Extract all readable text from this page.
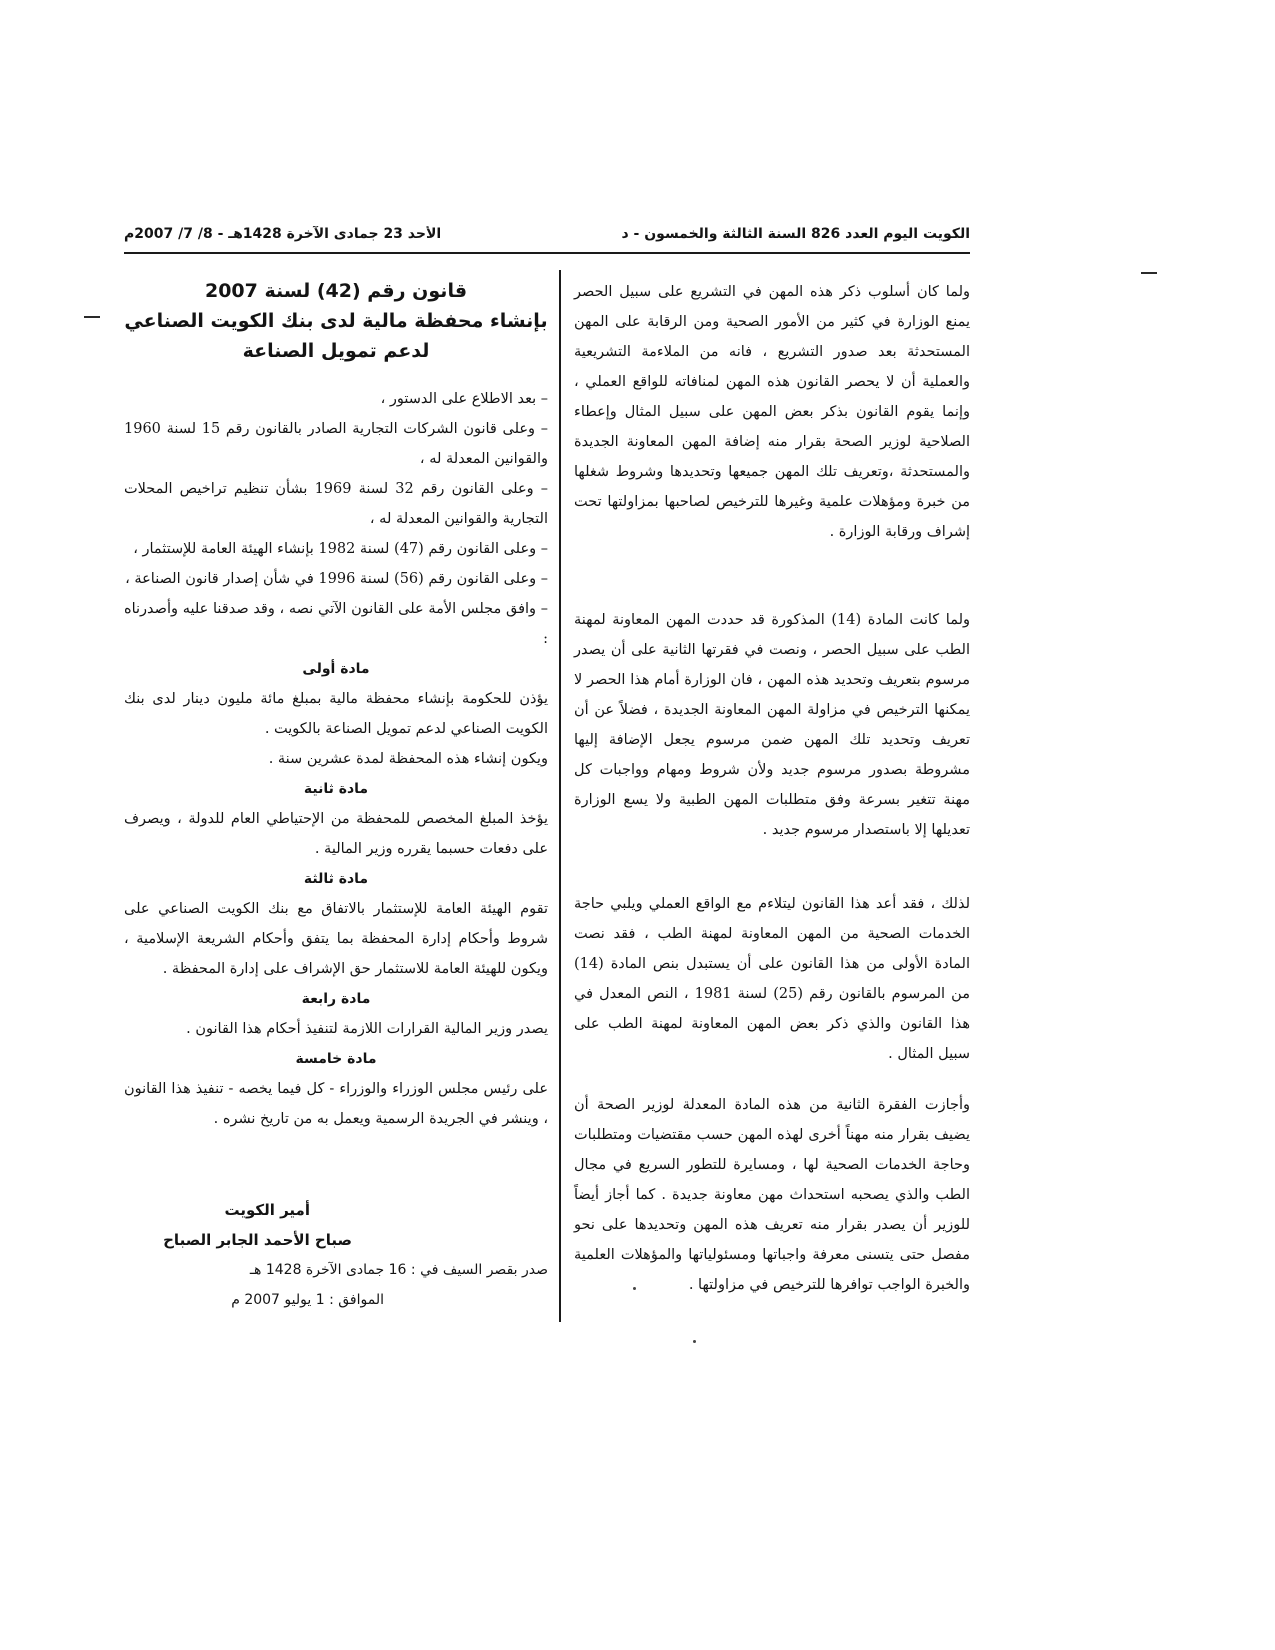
الكويت اليوم العدد 826 السنة الثالثة والخمسون - د
الأحد 23 جمادى الآخرة 1428هـ - 8/ 7/ 2007م

ولما كان أسلوب ذكر هذه المهن في التشريع على سبيل الحصر يمنع الوزارة في كثير من الأمور الصحية ومن الرقابة على المهن المستحدثة بعد صدور التشريع ، فانه من الملاءمة التشريعية والعملية أن لا يحصر القانون هذه المهن لمنافاته للواقع العملي ، وإنما يقوم القانون بذكر بعض المهن على سبيل المثال وإعطاء الصلاحية لوزير الصحة بقرار منه إضافة المهن المعاونة الجديدة والمستحدثة ،وتعريف تلك المهن جميعها وتحديدها وشروط شغلها من خبرة ومؤهلات علمية وغيرها للترخيص لصاحبها بمزاولتها تحت إشراف ورقابة الوزارة .

ولما كانت المادة (14) المذكورة قد حددت المهن المعاونة لمهنة الطب على سبيل الحصر ، ونصت في فقرتها الثانية على أن يصدر مرسوم بتعريف وتحديد هذه المهن ، فان الوزارة أمام هذا الحصر لا يمكنها الترخيص في مزاولة المهن المعاونة الجديدة ، فضلاً عن أن تعريف وتحديد تلك المهن ضمن مرسوم يجعل الإضافة إليها مشروطة بصدور مرسوم جديد ولأن شروط ومهام وواجبات كل مهنة تتغير بسرعة وفق متطلبات المهن الطبية ولا يسع الوزارة تعديلها إلا باستصدار مرسوم جديد .

لذلك ، فقد أعد هذا القانون ليتلاءم مع الواقع العملي ويلبي حاجة الخدمات الصحية من المهن المعاونة لمهنة الطب ، فقد نصت المادة الأولى من هذا القانون على أن يستبدل بنص المادة (14) من المرسوم بالقانون رقم (25) لسنة 1981 ، النص المعدل في هذا القانون والذي ذكر بعض المهن المعاونة لمهنة الطب على سبيل المثال .

وأجازت الفقرة الثانية من هذه المادة المعدلة لوزير الصحة أن يضيف بقرار منه مهناً أخرى لهذه المهن حسب مقتضيات ومتطلبات وحاجة الخدمات الصحية لها ، ومسايرة للتطور السريع في مجال الطب والذي يصحبه استحداث مهن معاونة جديدة . كما أجاز أيضاً للوزير أن يصدر بقرار منه تعريف هذه المهن وتحديدها على نحو مفصل حتى يتسنى معرفة واجباتها ومسئولياتها والمؤهلات العلمية والخبرة الواجب توافرها للترخيص في مزاولتها .

قانون رقم (42) لسنة 2007
بإنشاء محفظة مالية لدى بنك الكويت الصناعي
لدعم تمويل الصناعة

– بعد الاطلاع على الدستور ،

– وعلى قانون الشركات التجارية الصادر بالقانون رقم 15 لسنة 1960 والقوانين المعدلة له ،

– وعلى القانون رقم 32 لسنة 1969 بشأن تنظيم تراخيص المحلات التجارية والقوانين المعدلة له ،

– وعلى القانون رقم (47) لسنة 1982 بإنشاء الهيئة العامة للإستثمار ،

– وعلى القانون رقم (56) لسنة 1996 في شأن إصدار قانون الصناعة ،

– وافق مجلس الأمة على القانون الآتي نصه ، وقد صدقنا عليه وأصدرناه :

مادة أولى

يؤذن للحكومة بإنشاء محفظة مالية بمبلغ مائة مليون دينار لدى بنك الكويت الصناعي لدعم تمويل الصناعة بالكويت .

ويكون إنشاء هذه المحفظة لمدة عشرين سنة .

مادة ثانية

يؤخذ المبلغ المخصص للمحفظة من الإحتياطي العام للدولة ، ويصرف على دفعات حسبما يقرره وزير المالية .

مادة ثالثة

تقوم الهيئة العامة للإستثمار بالاتفاق مع بنك الكويت الصناعي على شروط وأحكام إدارة المحفظة بما يتفق وأحكام الشريعة الإسلامية ، ويكون للهيئة العامة للاستثمار حق الإشراف على إدارة المحفظة .

مادة رابعة

يصدر وزير المالية القرارات اللازمة لتنفيذ أحكام هذا القانون .

مادة خامسة

على رئيس مجلس الوزراء والوزراء - كل فيما يخصه - تنفيذ هذا القانون ، وينشر في الجريدة الرسمية ويعمل به من تاريخ نشره .

أمير الكويت
صباح الأحمد الجابر الصباح
صدر بقصر السيف في : 16 جمادى الآخرة 1428 هـ
الموافق : 1 يوليو 2007 م
